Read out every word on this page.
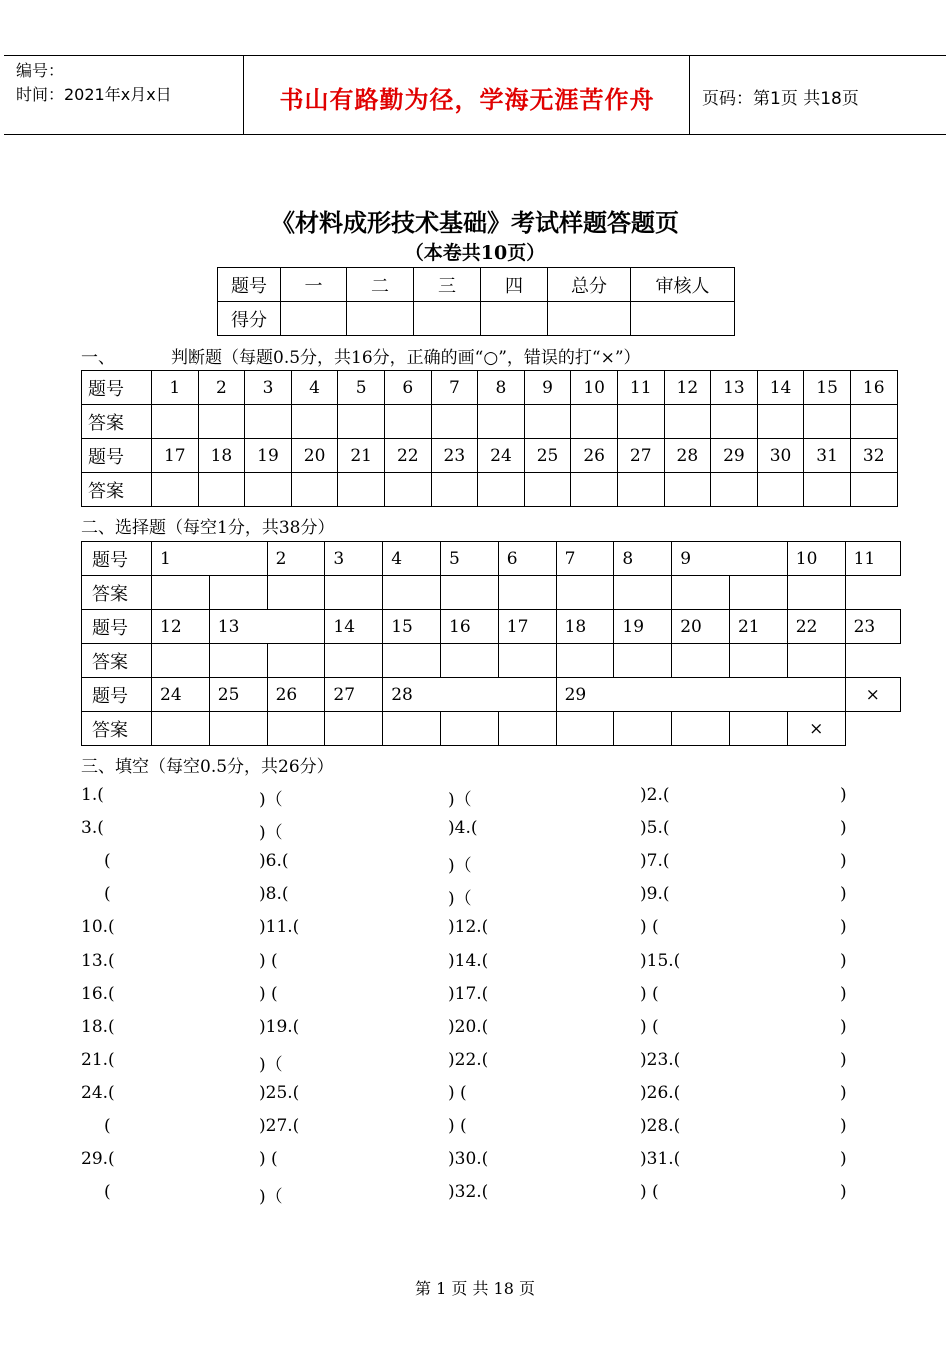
编号：
时间：2021年x月x日	书山有路勤为径，学海无涯苦作舟	页码：第1页 共18页
《材料成形技术基础》考试样题答题页
（本卷共10页）
题号	一	二	三	四	总分	审核人
得分						
一、	判断题（每题0.5分，共16分，正确的画“○”，错误的打“×”）
题号	1	2	3	4	5	6	7	8	9	10	11	12	13	14	15	16
答案																
题号	17	18	19	20	21	22	23	24	25	26	27	28	29	30	31	32
答案																
二、选择题（每空1分，共38分）
题号	1		2	3	4	5	6	7	8	9		10	11
答案													
题号	12	13		14	15	16	17	18	19	20	21	22	23
答案													
题号	24	25	26	27	28			29					×
答案												×	
三、填空（每空0.5分，共26分）
1.(	)（	)（	)2.(	)
3.(	)（	)4.(	)5.(	)
(	)6.(	)（	)7.(	)
(	)8.(	)（	)9.(	)
10.(	)11.(	)12.(	) (	)
13.(	) (	)14.(	)15.(	)
16.(	) (	)17.(	) (	)
18.(	)19.(	)20.(	) (	)
21.(	)（	)22.(	)23.(	)
24.(	)25.(	) (	)26.(	)
(	)27.(	) (	)28.(	)
29.(	) (	)30.(	)31.(	)
(	)（	)32.(	) (	)
第 1 页 共 18 页
